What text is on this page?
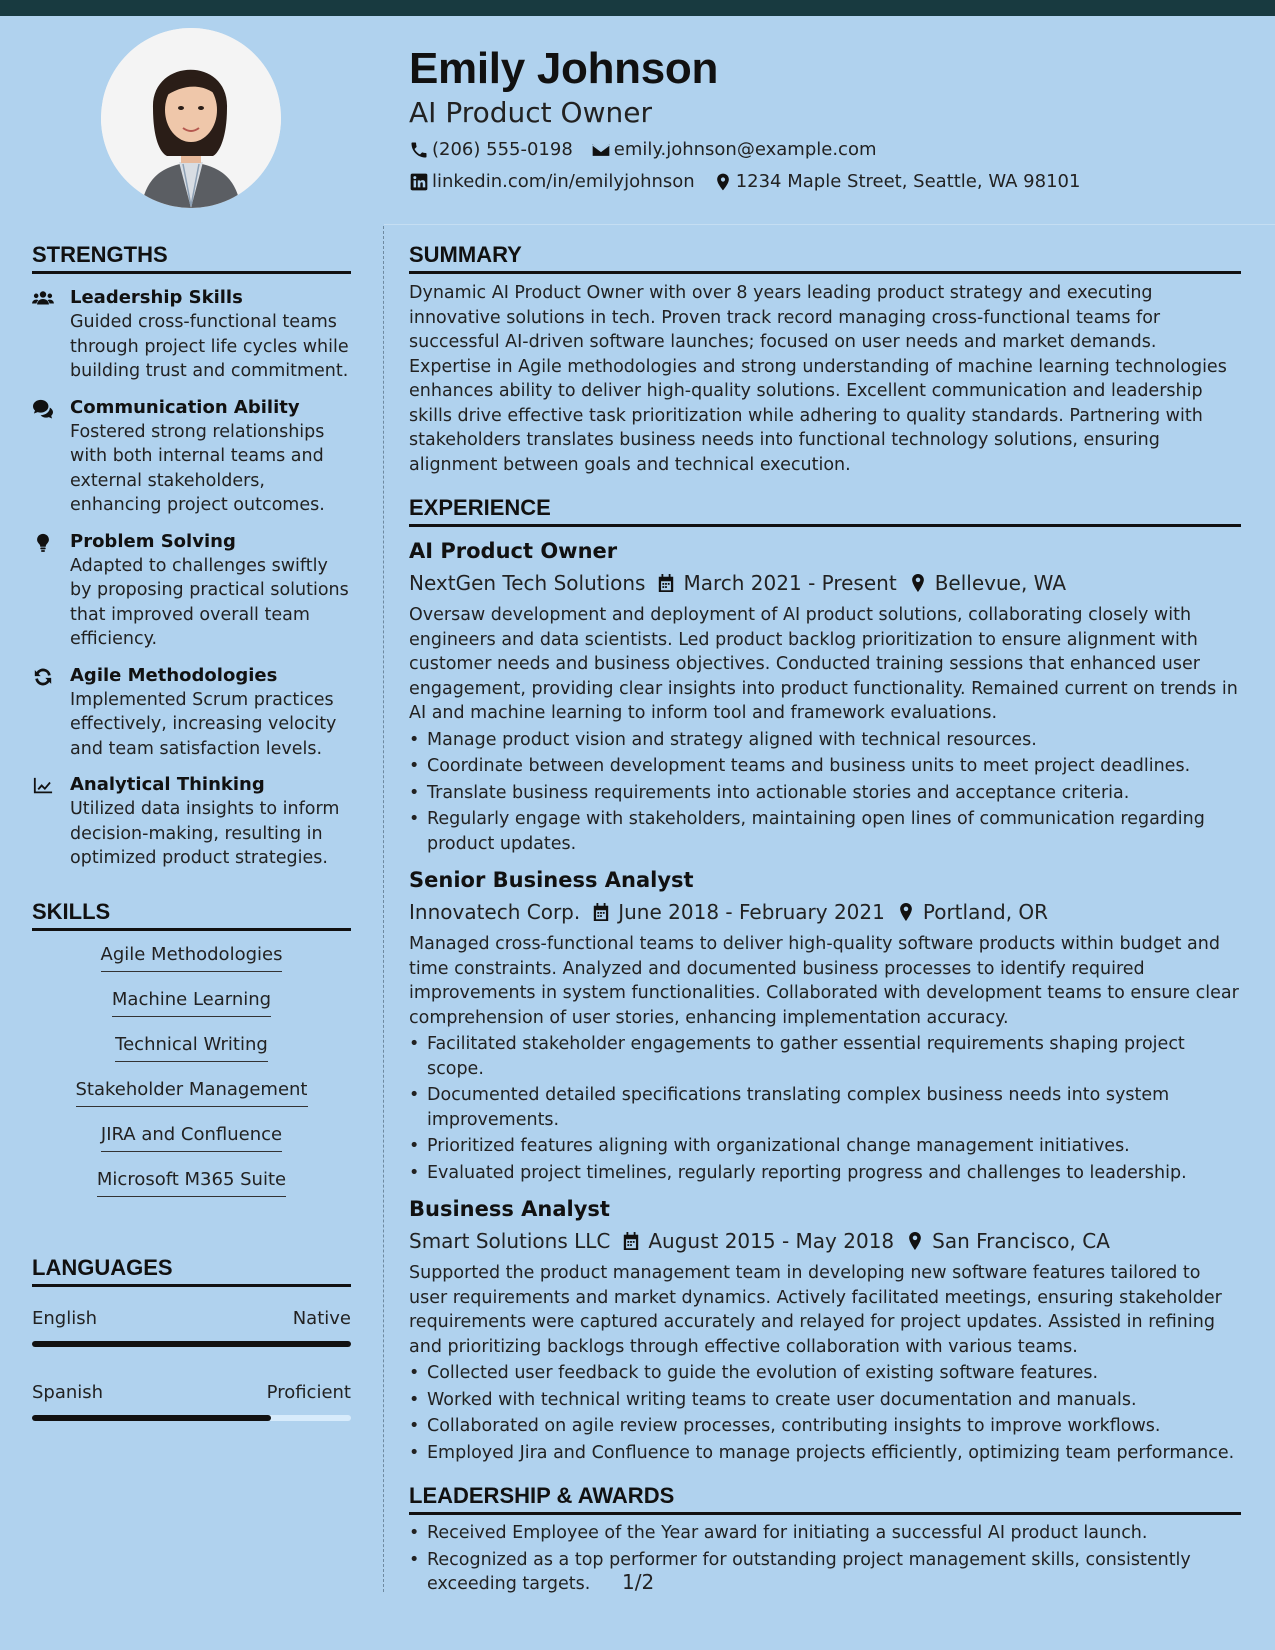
Emily Johnson
AI Product Owner
(206) 555-0198 emily.johnson@example.com
linkedin.com/in/emilyjohnson 1234 Maple Street, Seattle, WA 98101
STRENGTHS
Leadership Skills
Guided cross-functional teams through project life cycles while building trust and commitment.
Communication Ability
Fostered strong relationships with both internal teams and external stakeholders, enhancing project outcomes.
Problem Solving
Adapted to challenges swiftly by proposing practical solutions that improved overall team efficiency.
Agile Methodologies
Implemented Scrum practices effectively, increasing velocity and team satisfaction levels.
Analytical Thinking
Utilized data insights to inform decision-making, resulting in optimized product strategies.
SKILLS
Agile Methodologies
Machine Learning
Technical Writing
Stakeholder Management
JIRA and Confluence
Microsoft M365 Suite
LANGUAGES
English	Native
Spanish	Proficient
SUMMARY
Dynamic AI Product Owner with over 8 years leading product strategy and executing innovative solutions in tech. Proven track record managing cross-functional teams for successful AI-driven software launches; focused on user needs and market demands. Expertise in Agile methodologies and strong understanding of machine learning technologies enhances ability to deliver high-quality solutions. Excellent communication and leadership skills drive effective task prioritization while adhering to quality standards. Partnering with stakeholders translates business needs into functional technology solutions, ensuring alignment between goals and technical execution.
EXPERIENCE
AI Product Owner
NextGen Tech Solutions March 2021 - Present Bellevue, WA
Oversaw development and deployment of AI product solutions, collaborating closely with engineers and data scientists. Led product backlog prioritization to ensure alignment with customer needs and business objectives. Conducted training sessions that enhanced user engagement, providing clear insights into product functionality. Remained current on trends in AI and machine learning to inform tool and framework evaluations.
• Manage product vision and strategy aligned with technical resources.
• Coordinate between development teams and business units to meet project deadlines.
• Translate business requirements into actionable stories and acceptance criteria.
• Regularly engage with stakeholders, maintaining open lines of communication regarding product updates.
Senior Business Analyst
Innovatech Corp. June 2018 - February 2021 Portland, OR
Managed cross-functional teams to deliver high-quality software products within budget and time constraints. Analyzed and documented business processes to identify required improvements in system functionalities. Collaborated with development teams to ensure clear comprehension of user stories, enhancing implementation accuracy.
• Facilitated stakeholder engagements to gather essential requirements shaping project scope.
• Documented detailed specifications translating complex business needs into system improvements.
• Prioritized features aligning with organizational change management initiatives.
• Evaluated project timelines, regularly reporting progress and challenges to leadership.
Business Analyst
Smart Solutions LLC August 2015 - May 2018 San Francisco, CA
Supported the product management team in developing new software features tailored to user requirements and market dynamics. Actively facilitated meetings, ensuring stakeholder requirements were captured accurately and relayed for project updates. Assisted in refining and prioritizing backlogs through effective collaboration with various teams.
• Collected user feedback to guide the evolution of existing software features.
• Worked with technical writing teams to create user documentation and manuals.
• Collaborated on agile review processes, contributing insights to improve workflows.
• Employed Jira and Confluence to manage projects efficiently, optimizing team performance.
LEADERSHIP & AWARDS
• Received Employee of the Year award for initiating a successful AI product launch.
• Recognized as a top performer for outstanding project management skills, consistently exceeding targets.	1/2
